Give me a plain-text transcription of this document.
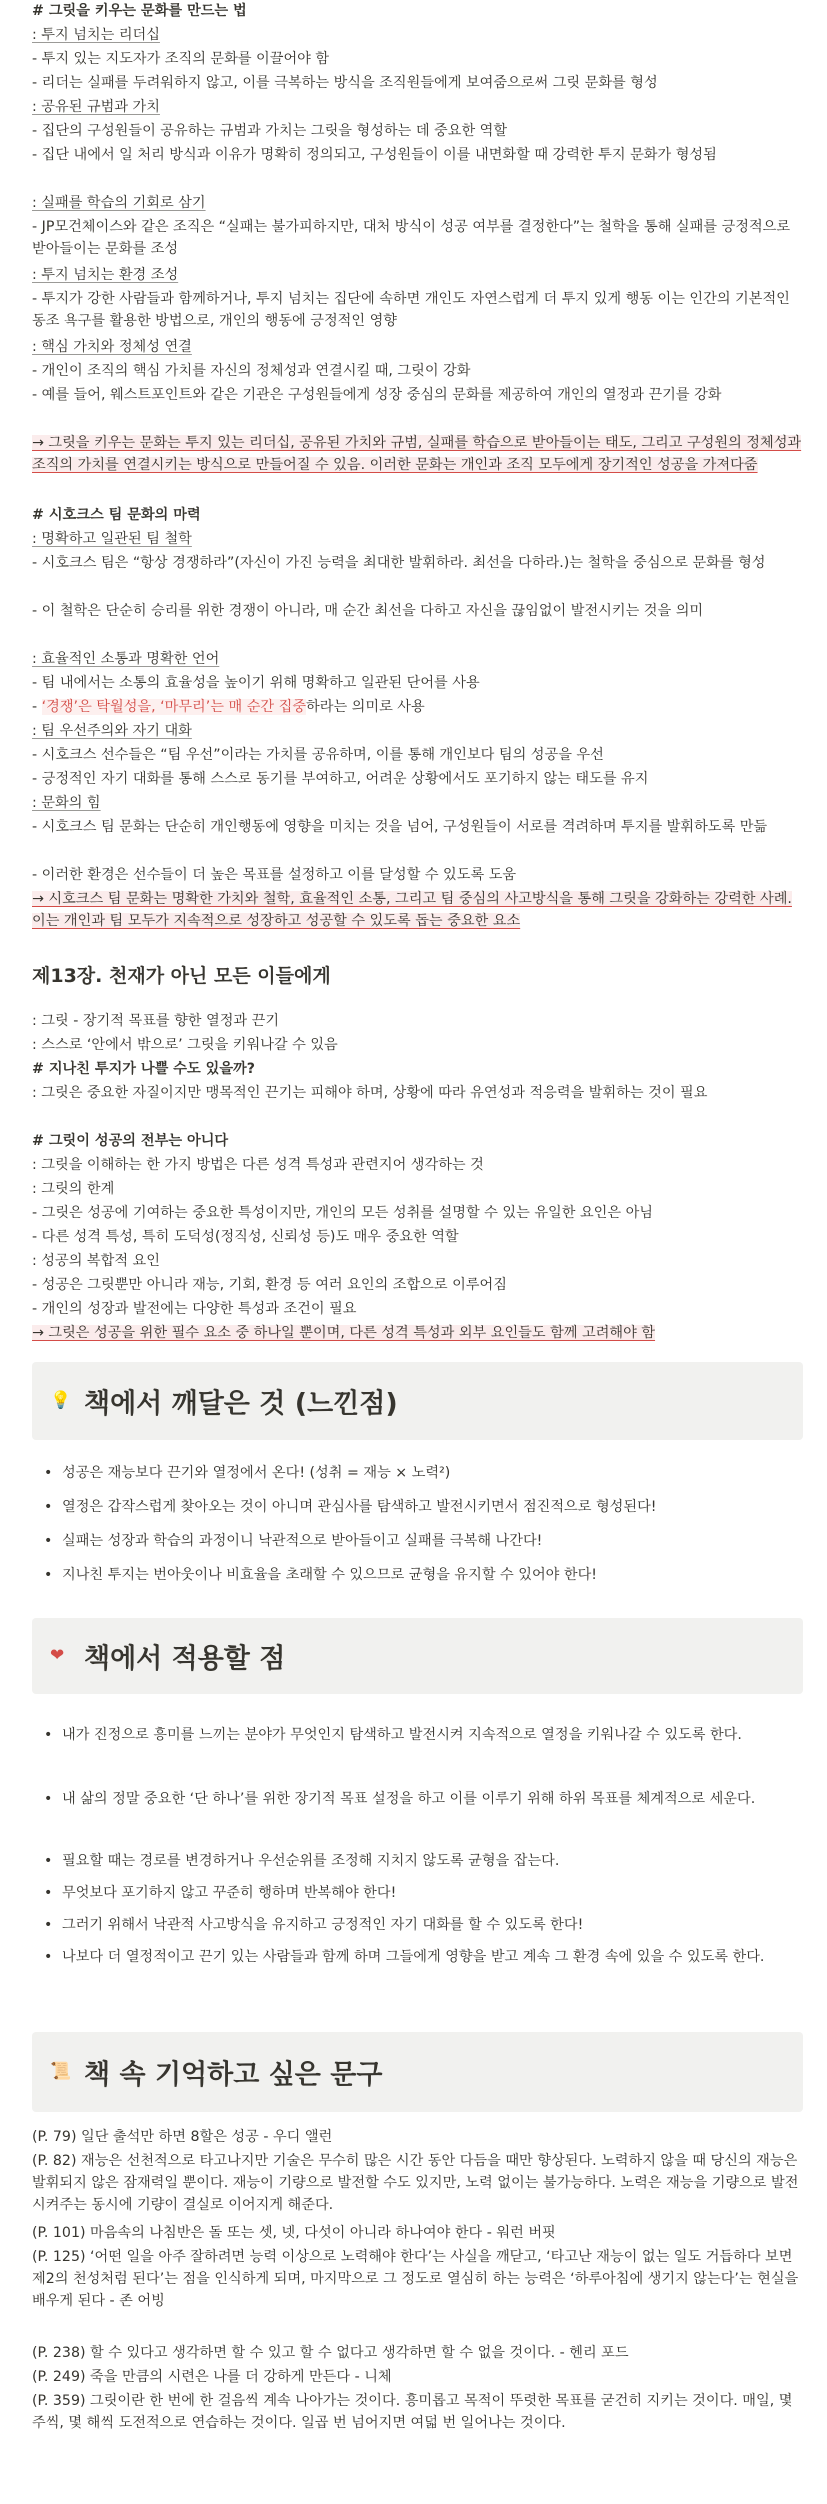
# 그릿을 키우는 문화를 만드는 법
: 투지 넘치는 리더십
- 투지 있는 지도자가 조직의 문화를 이끌어야 함
- 리더는 실패를 두려워하지 않고, 이를 극복하는 방식을 조직원들에게 보여줌으로써 그릿 문화를 형성
: 공유된 규범과 가치
- 집단의 구성원들이 공유하는 규범과 가치는 그릿을 형성하는 데 중요한 역할
- 집단 내에서 일 처리 방식과 이유가 명확히 정의되고, 구성원들이 이를 내면화할 때 강력한 투지 문화가 형성됨
: 실패를 학습의 기회로 삼기
- JP모건체이스와 같은 조직은 “실패는 불가피하지만, 대처 방식이 성공 여부를 결정한다”는 철학을 통해 실패를 긍정적으로 받아들이는 문화를 조성
: 투지 넘치는 환경 조성
- 투지가 강한 사람들과 함께하거나, 투지 넘치는 집단에 속하면 개인도 자연스럽게 더 투지 있게 행동 이는 인간의 기본적인 동조 욕구를 활용한 방법으로, 개인의 행동에 긍정적인 영향
: 핵심 가치와 정체성 연결
- 개인이 조직의 핵심 가치를 자신의 정체성과 연결시킬 때, 그릿이 강화
- 예를 들어, 웨스트포인트와 같은 기관은 구성원들에게 성장 중심의 문화를 제공하여 개인의 열정과 끈기를 강화
→ 그릿을 키우는 문화는 투지 있는 리더십, 공유된 가치와 규범, 실패를 학습으로 받아들이는 태도, 그리고 구성원의 정체성과 조직의 가치를 연결시키는 방식으로 만들어질 수 있음. 이러한 문화는 개인과 조직 모두에게 장기적인 성공을 가져다줌
# 시호크스 팀 문화의 마력
: 명확하고 일관된 팀 철학
- 시호크스 팀은 “항상 경쟁하라”(자신이 가진 능력을 최대한 발휘하라. 최선을 다하라.)는 철학을 중심으로 문화를 형성
- 이 철학은 단순히 승리를 위한 경쟁이 아니라, 매 순간 최선을 다하고 자신을 끊임없이 발전시키는 것을 의미
: 효율적인 소통과 명확한 언어
- 팀 내에서는 소통의 효율성을 높이기 위해 명확하고 일관된 단어를 사용
- ‘경쟁’은 탁월성을, ‘마무리’는 매 순간 집중하라는 의미로 사용
: 팀 우선주의와 자기 대화
- 시호크스 선수들은 “팀 우선”이라는 가치를 공유하며, 이를 통해 개인보다 팀의 성공을 우선
- 긍정적인 자기 대화를 통해 스스로 동기를 부여하고, 어려운 상황에서도 포기하지 않는 태도를 유지
: 문화의 힘
- 시호크스 팀 문화는 단순히 개인행동에 영향을 미치는 것을 넘어, 구성원들이 서로를 격려하며 투지를 발휘하도록 만듦
- 이러한 환경은 선수들이 더 높은 목표를 설정하고 이를 달성할 수 있도록 도움
→ 시호크스 팀 문화는 명확한 가치와 철학, 효율적인 소통, 그리고 팀 중심의 사고방식을 통해 그릿을 강화하는 강력한 사례. 이는 개인과 팀 모두가 지속적으로 성장하고 성공할 수 있도록 돕는 중요한 요소
제13장. 천재가 아닌 모든 이들에게
: 그릿 - 장기적 목표를 향한 열정과 끈기
: 스스로 ‘안에서 밖으로’ 그릿을 키워나갈 수 있음
# 지나친 투지가 나쁠 수도 있을까?
: 그릿은 중요한 자질이지만 맹목적인 끈기는 피해야 하며, 상황에 따라 유연성과 적응력을 발휘하는 것이 필요
# 그릿이 성공의 전부는 아니다
: 그릿을 이해하는 한 가지 방법은 다른 성격 특성과 관련지어 생각하는 것
: 그릿의 한계
- 그릿은 성공에 기여하는 중요한 특성이지만, 개인의 모든 성취를 설명할 수 있는 유일한 요인은 아님
- 다른 성격 특성, 특히 도덕성(정직성, 신뢰성 등)도 매우 중요한 역할
: 성공의 복합적 요인
- 성공은 그릿뿐만 아니라 재능, 기회, 환경 등 여러 요인의 조합으로 이루어짐
- 개인의 성장과 발전에는 다양한 특성과 조건이 필요
→ 그릿은 성공을 위한 필수 요소 중 하나일 뿐이며, 다른 성격 특성과 외부 요인들도 함께 고려해야 함
💡 책에서 깨달은 것 (느낀점)
• 성공은 재능보다 끈기와 열정에서 온다! (성취 = 재능 × 노력²)
• 열정은 갑작스럽게 찾아오는 것이 아니며 관심사를 탐색하고 발전시키면서 점진적으로 형성된다!
• 실패는 성장과 학습의 과정이니 낙관적으로 받아들이고 실패를 극복해 나간다!
• 지나친 투지는 번아웃이나 비효율을 초래할 수 있으므로 균형을 유지할 수 있어야 한다!
❤ 책에서 적용할 점
• 내가 진정으로 흥미를 느끼는 분야가 무엇인지 탐색하고 발전시켜 지속적으로 열정을 키워나갈 수 있도록 한다.
• 내 삶의 정말 중요한 ‘단 하나’를 위한 장기적 목표 설정을 하고 이를 이루기 위해 하위 목표를 체계적으로 세운다.
• 필요할 때는 경로를 변경하거나 우선순위를 조정해 지치지 않도록 균형을 잡는다.
• 무엇보다 포기하지 않고 꾸준히 행하며 반복해야 한다!
• 그러기 위해서 낙관적 사고방식을 유지하고 긍정적인 자기 대화를 할 수 있도록 한다!
• 나보다 더 열정적이고 끈기 있는 사람들과 함께 하며 그들에게 영향을 받고 계속 그 환경 속에 있을 수 있도록 한다.
📜 책 속 기억하고 싶은 문구
(P. 79) 일단 출석만 하면 8할은 성공 - 우디 앨런
(P. 82) 재능은 선천적으로 타고나지만 기술은 무수히 많은 시간 동안 다듬을 때만 향상된다. 노력하지 않을 때 당신의 재능은 발휘되지 않은 잠재력일 뿐이다. 재능이 기량으로 발전할 수도 있지만, 노력 없이는 불가능하다. 노력은 재능을 기량으로 발전시켜주는 동시에 기량이 결실로 이어지게 해준다.
(P. 101) 마음속의 나침반은 돌 또는 셋, 넷, 다섯이 아니라 하나여야 한다 - 워런 버핏
(P. 125) ‘어떤 일을 아주 잘하려면 능력 이상으로 노력해야 한다’는 사실을 깨닫고, ‘타고난 재능이 없는 일도 거듭하다 보면 제2의 천성처럼 된다’는 점을 인식하게 되며, 마지막으로 그 정도로 열심히 하는 능력은 ‘하루아침에 생기지 않는다’는 현실을 배우게 된다 - 존 어빙
(P. 238) 할 수 있다고 생각하면 할 수 있고 할 수 없다고 생각하면 할 수 없을 것이다. - 헨리 포드
(P. 249) 죽을 만큼의 시련은 나를 더 강하게 만든다 - 니체
(P. 359) 그릿이란 한 번에 한 걸음씩 계속 나아가는 것이다. 흥미롭고 목적이 뚜렷한 목표를 굳건히 지키는 것이다. 매일, 몇 주씩, 몇 해씩 도전적으로 연습하는 것이다. 일곱 번 넘어지면 여덟 번 일어나는 것이다.
